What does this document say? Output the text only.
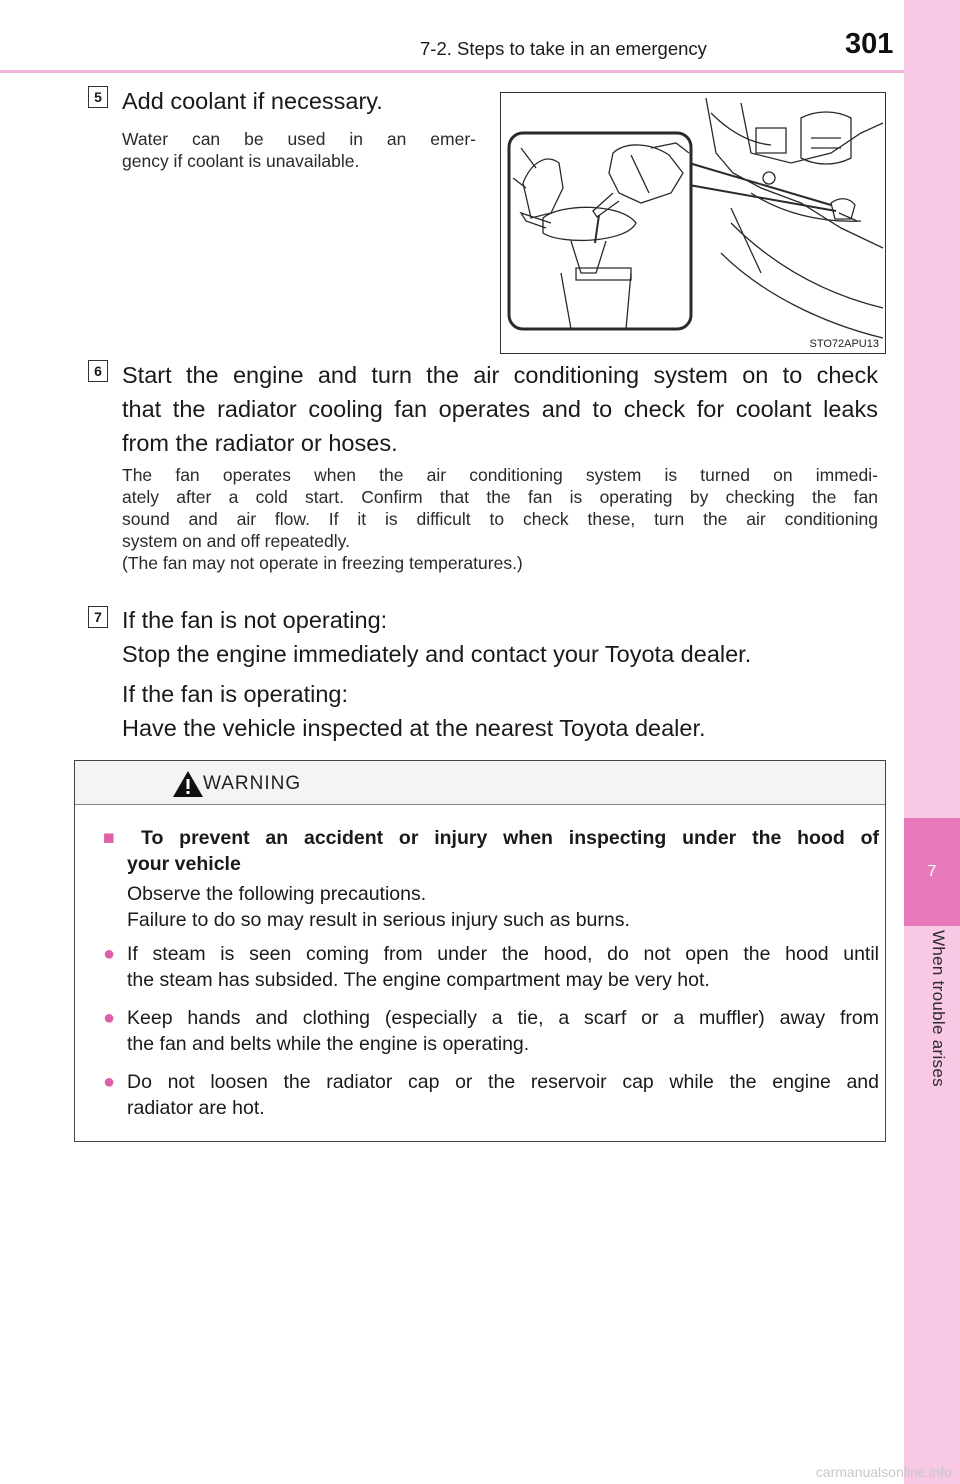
7
When trouble arises
7-2. Steps to take in an emergency	301
5 Add coolant if necessary.
Water can be used in an emer-
gency if coolant is unavailable.
STO72APU13
6 Start the engine and turn the air conditioning system on to check
that the radiator cooling fan operates and to check for coolant leaks
from the radiator or hoses.
The fan operates when the air conditioning system is turned on immedi-
ately after a cold start. Confirm that the fan is operating by checking the fan
sound and air flow. If it is difficult to check these, turn the air conditioning
system on and off repeatedly.
(The fan may not operate in freezing temperatures.)
7 If the fan is not operating:
Stop the engine immediately and contact your Toyota dealer.
If the fan is operating:
Have the vehicle inspected at the nearest Toyota dealer.
WARNING
■ To prevent an accident or injury when inspecting under the hood of
your vehicle
Observe the following precautions.
Failure to do so may result in serious injury such as burns.
● If steam is seen coming from under the hood, do not open the hood until
the steam has subsided. The engine compartment may be very hot.
● Keep hands and clothing (especially a tie, a scarf or a muffler) away from
the fan and belts while the engine is operating.
● Do not loosen the radiator cap or the reservoir cap while the engine and
radiator are hot.
carmanualsonline.info
